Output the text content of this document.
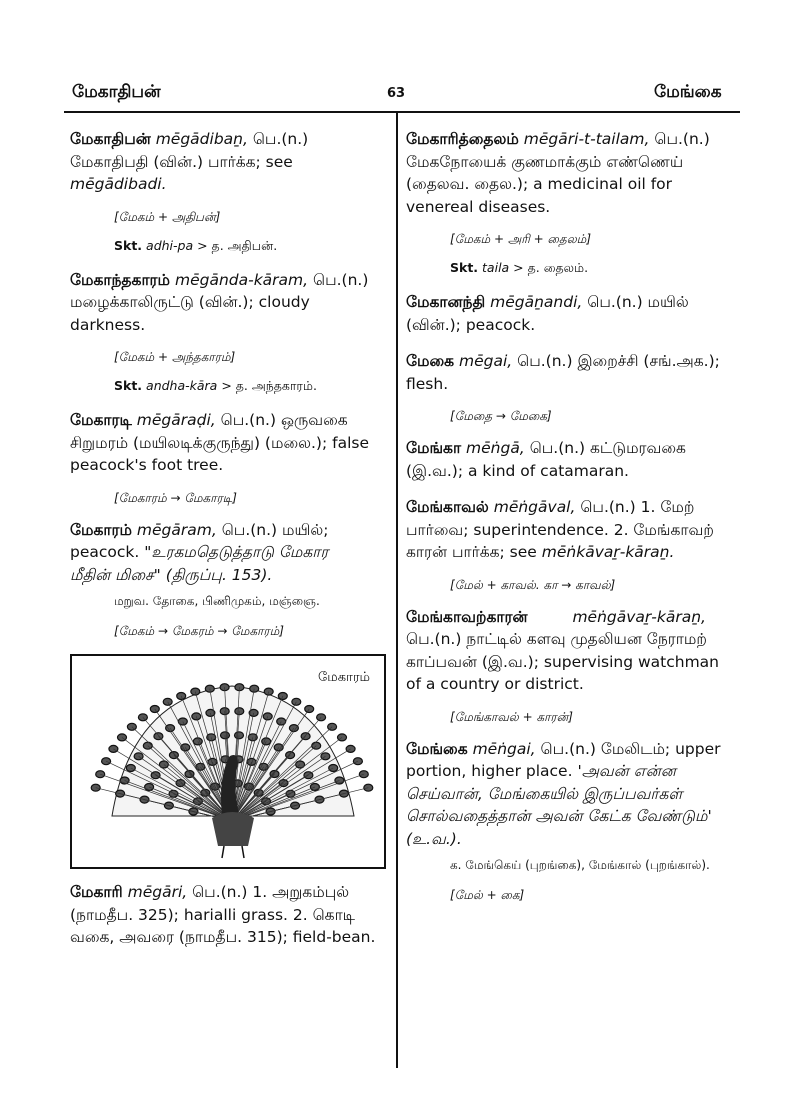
மேகாதிபன்	63	மேங்கை
மேகாதிபன் mēgādibaṉ, பெ.(n.)
மேகாதிபதி (வின்.) பார்க்க; see
mēgādibadi.
[மேகம் + அதிபன்]
Skt. adhi-pa > த. அதிபன்.
மேகாந்தகாரம் mēgānda-kāram, பெ.(n.)
மழைக்காலிருட்டு (வின்.); cloudy
darkness.
[மேகம் + அந்தகாரம்]
Skt. andha-kāra > த. அந்தகாரம்.
மேகாரடி mēgāraḍi, பெ.(n.) ஒருவகை
சிறுமரம் (மயிலடிக்குருந்து) (மலை.); false
peacock's foot tree.
[மேகாரம் → மேகாரடி]
மேகாரம் mēgāram, பெ.(n.) மயில்;
peacock. "உரகமதெடுத்தாடு மேகார
மீதின் மிசை" (திருப்பு. 153).
மறுவ. தோகை, பிணிமுகம், மஞ்ஞை.
[மேகம் → மேகரம் → மேகாரம்]
மேகாரம்
மேகாரி mēgāri, பெ.(n.) 1. அறுகம்புல்
(நாமதீப. 325); harialli grass. 2. கொடி
வகை, அவரை (நாமதீப. 315); field-bean.
மேகாரித்தைலம் mēgāri-t-tailam, பெ.(n.)
மேகநோயைக் குணமாக்கும் எண்ணெய்
(தைலவ. தைல.); a medicinal oil for
venereal diseases.
[மேகம் + அரி + தைலம்]
Skt. taila > த. தைலம்.
மேகானந்தி mēgāṉandi, பெ.(n.) மயில்
(வின்.); peacock.
மேகை mēgai, பெ.(n.) இறைச்சி (சங்.அக.);
flesh.
[மேதை → மேகை]
மேங்கா mēṅgā, பெ.(n.) கட்டுமரவகை
(இ.வ.); a kind of catamaran.
மேங்காவல் mēṅgāval, பெ.(n.) 1. மேற்
பார்வை; superintendence. 2. மேங்காவற்
காரன் பார்க்க; see mēṅkāvaṟ-kāraṉ.
[மேல் + காவல். கா → காவல்]
மேங்காவற்காரன்	mēṅgāvaṟ-kāraṉ,
பெ.(n.) நாட்டில் களவு முதலியன நேராமற்
காப்பவன் (இ.வ.); supervising watchman
of a country or district.
[மேங்காவல் + காரன்]
மேங்கை mēṅgai, பெ.(n.) மேலிடம்; upper
portion, higher place. 'அவன் என்ன
செய்வான், மேங்கையில் இருப்பவர்கள்
சொல்வதைத்தான் அவன் கேட்க வேண்டும்'
(உ.வ.).
க. மேங்கெய் (புறங்கை), மேங்கால் (புறங்கால்).
[மேல் + கை]
